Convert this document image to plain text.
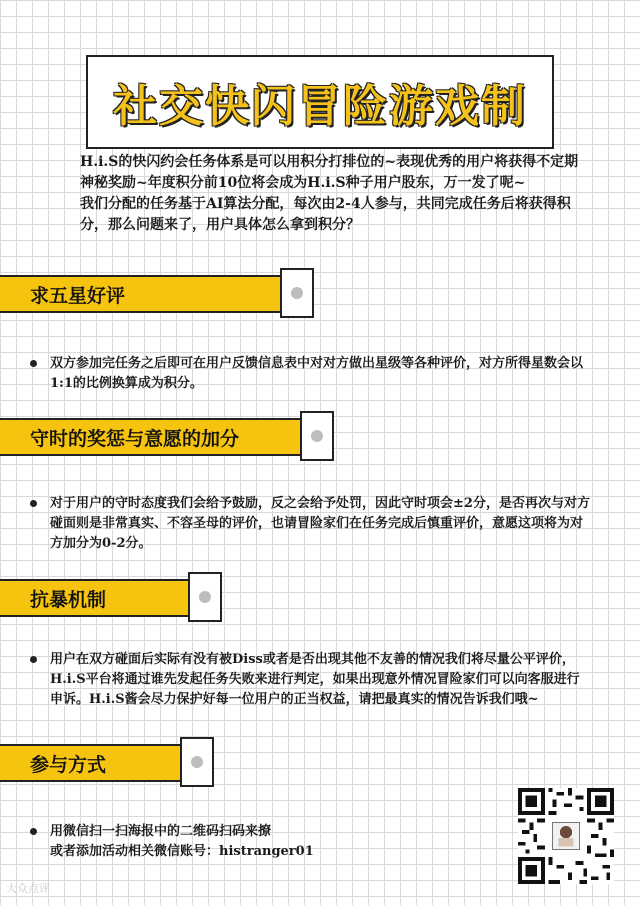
社交快闪冒险游戏制

H.i.S的快闪约会任务体系是可以用积分打排位的~表现优秀的用户将获得不定期神秘奖励~年度积分前10位将会成为H.i.S种子用户股东，万一发了呢~

我们分配的任务基于AI算法分配，每次由2-4人参与，共同完成任务后将获得积分，那么问题来了，用户具体怎么拿到积分？

求五星好评
双方参加完任务之后即可在用户反馈信息表中对对方做出星级等各种评价，对方所得星数会以1:1的比例换算成为积分。
守时的奖惩与意愿的加分
对于用户的守时态度我们会给予鼓励，反之会给予处罚，因此守时项会±2分，是否再次与对方碰面则是非常真实、不容圣母的评价，也请冒险家们在任务完成后慎重评价，意愿这项将为对方加分为0-2分。
抗暴机制
用户在双方碰面后实际有没有被Diss或者是否出现其他不友善的情况我们将尽量公平评价，H.i.S平台将通过谁先发起任务失败来进行判定，如果出现意外情况冒险家们可以向客服进行申诉。H.i.S酱会尽力保护好每一位用户的正当权益，请把最真实的情况告诉我们哦~
参与方式
用微信扫一扫海报中的二维码扫码来撩
或者添加活动相关微信账号：histranger01
大众点评
